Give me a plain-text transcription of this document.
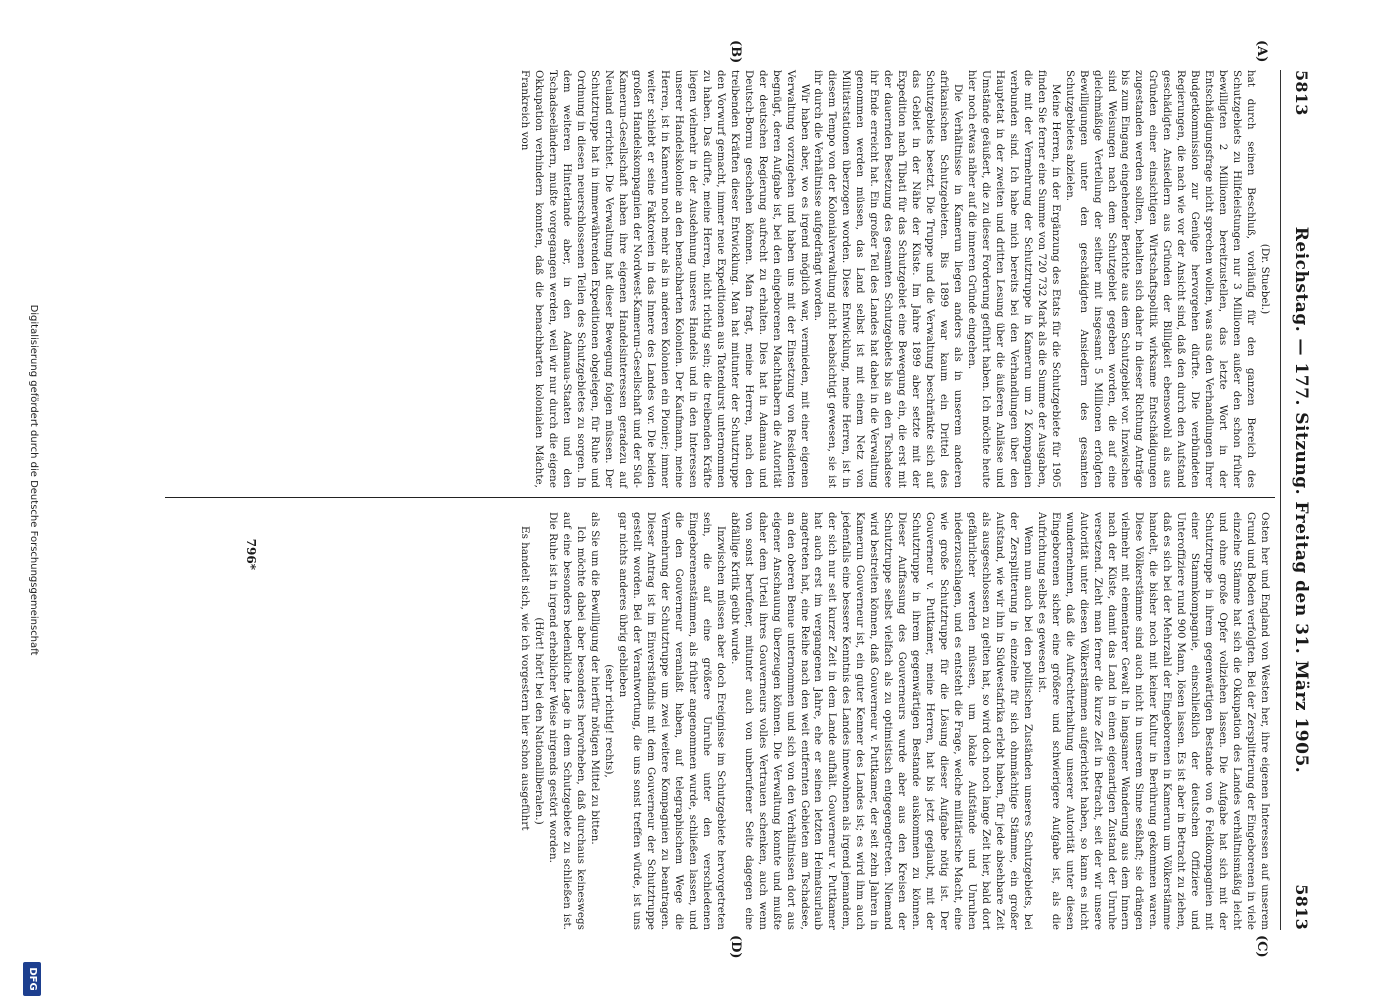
5813
Reichstag. — 177. Sitzung. Freitag den 31. März 1905.
5813
(A)
(B)
(C)
(D)

(Dr. Stuebel.)

hat durch seinen Beschluß, vorläufig für den ganzen Bereich des Schutzgebiets zu Hilfeleistungen nur 3 Millionen außer den schon früher bewilligten 2 Millionen bereitzustellen, das letzte Wort in der Entschädigungsfrage nicht sprechen wollen, was aus den Verhandlungen Ihrer Budgetkommission zur Genüge hervorgehen dürfte. Die verbündeten Regierungen, die nach wie vor der Ansicht sind, daß den durch den Aufstand geschädigten Ansiedlern aus Gründen der Billigkeit ebensowohl als aus Gründen einer einsichtigen Wirtschaftspolitik wirksame Entschädigungen zugestanden werden sollten, behalten sich daher in dieser Richtung Anträge bis zum Eingang eingehender Berichte aus dem Schutzgebiet vor. Inzwischen sind Weisungen nach dem Schutzgebiet gegeben worden, die auf eine gleichmäßige Verteilung der seither mit insgesamt 5 Millionen erfolgten Bewilligungen unter den geschädigten Ansiedlern des gesamten Schutzgebietes abzielen.

Meine Herren, in der Ergänzung des Etats für die Schutzgebiete für 1905 finden Sie ferner eine Summe von 720 732 Mark als die Summe der Ausgaben, die mit der Vermehrung der Schutztruppe in Kamerun um 2 Kompagnien verbunden sind. Ich habe mich bereits bei den Verhandlungen über den Hauptetat in der zweiten und dritten Lesung über die äußeren Anlässe und Umstände geäußert, die zu dieser Forderung geführt haben. Ich möchte heute hier noch etwas näher auf die inneren Gründe eingehen.

Die Verhältnisse in Kamerun liegen anders als in unserem anderen afrikanischen Schutzgebieten. Bis 1899 war kaum ein Drittel des Schutzgebiets besetzt. Die Truppe und die Verwaltung beschränkte sich auf das Gebiet in der Nähe der Küste. Im Jahre 1899 aber setzte mit der Expedition nach Tibati für das Schutzgebiet eine Bewegung ein, die erst mit der dauernden Besetzung des gesamten Schutzgebiets bis an den Tschadsee ihr Ende erreicht hat. Ein großer Teil des Landes hat dabei in die Verwaltung genommen werden müssen, das Land selbst ist mit einem Netz von Militärstationen überzogen worden. Diese Entwicklung, meine Herren, ist in diesem Tempo von der Kolonialverwaltung nicht beabsichtigt gewesen, sie ist ihr durch die Verhältnisse aufgedrängt worden.

Wir haben aber, wo es irgend möglich war, vermieden, mit einer eigenen Verwaltung vorzugehen und haben uns mit der Einsetzung von Residenten begnügt, deren Aufgabe ist, bei den eingeborenen Machthabern die Autorität der deutschen Regierung aufrecht zu erhalten. Dies hat in Adamaua und Deutsch-Bornu geschehen können. Man fragt, meine Herren, nach den treibenden Kräften dieser Entwicklung. Man hat mitunter der Schutztruppe den Vorwurf gemacht, immer neue Expeditionen aus Tatendurst unternommen zu haben. Das dürfte, meine Herren, nicht richtig sein; die treibenden Kräfte liegen vielmehr in der Ausdehnung unseres Handels und in den Interessen unserer Handelskolonie an den benachbarten Kolonien. Der Kaufmann, meine Herren, ist in Kamerun noch mehr als in anderen Kolonien ein Pionier; immer weiter schiebt er seine Faktoreien in das Innere des Landes vor. Die beiden großen Handelskompagnien der Nordwest-Kamerun-Gesellschaft und der Süd-Kamerun-Gesellschaft haben ihre eigenen Handelsinteressen geradezu auf Neuland errichtet. Die Verwaltung hat dieser Bewegung folgen müssen. Der Schutztruppe hat in immerwährenden Expeditionen obgelegen, für Ruhe und Ordnung in diesen neuerschlossenen Teilen des Schutzgebietes zu sorgen. In dem weiteren Hinterlande aber, in den Adamaua-Staaten und den Tschadseeländern, mußte vorgegangen werden, weil wir nur durch die eigene Okkupation verhindern konnten, daß die benachbarten kolonialen Mächte, Frankreich von

Osten her und England von Westen her, ihre eigenen Interessen auf unserem Grund und Boden verfolgten. Bei der Zersplitterung der Eingeborenen in viele einzelne Stämme hat sich die Okkupation des Landes verhältnismäßig leicht und ohne große Opfer vollziehen lassen. Die Aufgabe hat sich mit der Schutztruppe in ihrem gegenwärtigen Bestande von 6 Feldkompagnien mit einer Stammkompagnie, einschließlich der deutschen Offiziere und Unteroffiziere rund 900 Mann, lösen lassen. Es ist aber in Betracht zu ziehen, daß es sich bei der Mehrzahl der Eingeborenen in Kamerun um Völkerstämme handelt, die bisher noch mit keiner Kultur in Berührung gekommen waren. Diese Völkerstämme sind auch nicht in unserem Sinne seßhaft; sie drängen vielmehr mit elementarer Gewalt in langsamer Wanderung aus dem Innern nach der Küste, damit das Land in einen eigenartigen Zustand der Unruhe versetzend. Zieht man ferner die kurze Zeit in Betracht, seit der wir unsere Autorität unter diesen Völkerstämmen aufgerichtet haben, so kann es nicht wundernehmen, daß die Aufrechterhaltung unserer Autorität unter diesen Eingeborenen sicher eine größere und schwierigere Aufgabe ist, als die Aufrichtung selbst es gewesen ist.

Wenn nun auch bei den politischen Zuständen unseres Schutzgebiets, bei der Zersplitterung in einzelne für sich ohnmächtige Stämme, ein großer Aufstand, wie wir ihn in Südwestafrika erlebt haben, für jede absehbare Zeit als ausgeschlossen zu gelten hat, so wird doch noch lange Zeit hier, bald dort gefährlicher werden müssen, um lokale Aufstände und Unruhen niederzuschlagen, und es entsteht die Frage, welche militärische Macht, eine wie große Schutztruppe für die Lösung dieser Aufgabe nötig ist. Der Gouverneur v. Puttkamer, meine Herren, hat bis jetzt geglaubt, mit der Schutztruppe in ihrem gegenwärtigen Bestande auskommen zu können. Dieser Auffassung des Gouverneurs wurde aber aus den Kreisen der Schutztruppe selbst vielfach als zu optimistisch entgegengetreten. Niemand wird bestreiten können, daß Gouverneur v. Puttkamer, der seit zehn Jahren in Kamerun Gouverneur ist, ein guter Kenner des Landes ist; es wird ihm auch jedenfalls eine bessere Kenntnis des Landes innewohnen als irgend jemandem, der sich nur seit kurzer Zeit in dem Lande aufhält. Gouverneur v. Puttkamer hat auch erst im vergangenen Jahre, ehe er seinen letzten Heimatsurlaub angetreten hat, eine Reihe nach den weit entfernten Gebieten am Tschadsee, an den oberen Benue unternommen und sich von den Verhältnissen dort aus eigener Anschauung überzeugen können. Die Verwaltung konnte und mußte daher dem Urteil ihres Gouverneurs volles Vertrauen schenken, auch wenn von sonst berufener, mitunter auch von unberufener Seite dagegen eine abfällige Kritik geübt wurde.

Inzwischen müssen aber doch Ereignisse im Schutzgebiete hervorgetreten sein, die auf eine größere Unruhe unter den verschiedenen Eingeborenenstämmen, als früher angenommen wurde, schließen lassen, und die den Gouverneur veranlaßt haben, auf telegraphischem Wege die Vermehrung der Schutztruppe um zwei weitere Kompagnien zu beantragen. Dieser Antrag ist im Einverständnis mit dem Gouverneur der Schutztruppe gestellt worden. Bei der Verantwortung, die uns sonst treffen würde, ist uns gar nichts anderes übrig geblieben

(sehr richtig! rechts),

als Sie um die Bewilligung der hierfür nötigen Mittel zu bitten.

Ich möchte dabei aber besonders hervorheben, daß durchaus keineswegs auf eine besonders bedenkliche Lage in dem Schutzgebiete zu schließen ist. Die Ruhe ist in irgend erheblicher Weise nirgends gestört worden.

(Hört! hört! bei den Nationalliberalen.)

Es handelt sich, wie ich vorgestern hier schon ausgeführt

796*
Digitalisierung gefördert durch die Deutsche Forschungsgemeinschaft
DFG
